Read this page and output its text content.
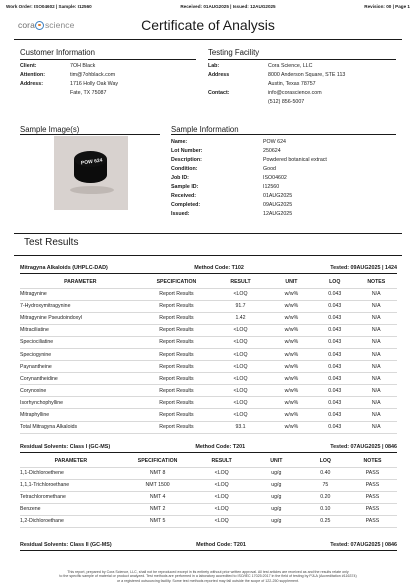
Work Order: ISO04602 | Sample: I12560	Received: 01AUG2025 | Issued: 12AUG2025	Revision: 00 | Page 1
cora science	Certificate of Analysis
Customer Information
Client:	7OH Black
Attention:	tim@7ohblack.com
Address:	1716 Holly Oak Way
Fate, TX 75087
Testing Facility
Lab:	Cora Science, LLC
Address	8000 Anderson Square, STE 113
Austin, Texas 78757
Contact:	info@corascience.com
(512) 856-5007
Sample Image(s)
POW 624
Sample Information
Name:	POW 624
Lot Number:	250624
Description:	Powdered botanical extract
Condition:	Good
Job ID:	ISO04602
Sample ID:	I12560
Received:	01AUG2025
Completed:	09AUG2025
Issued:	12AUG2025
Test Results
Mitragyna Alkaloids (UHPLC-DAD)	Method Code: T102	Tested: 09AUG2025 | 1424
PARAMETER	SPECIFICATION	RESULT	UNIT	LOQ	NOTES
Mitragynine	Report Results	<LOQ	w/w%	0.043	N/A
7-Hydroxymitragynine	Report Results	91.7	w/w%	0.043	N/A
Mitragynine Pseudoindoxyl	Report Results	1.42	w/w%	0.043	N/A
Mitraciliatine	Report Results	<LOQ	w/w%	0.043	N/A
Speciociliatine	Report Results	<LOQ	w/w%	0.043	N/A
Speciogynine	Report Results	<LOQ	w/w%	0.043	N/A
Paynantheine	Report Results	<LOQ	w/w%	0.043	N/A
Corynantheidine	Report Results	<LOQ	w/w%	0.043	N/A
Corynoxine	Report Results	<LOQ	w/w%	0.043	N/A
Isorhynchophylline	Report Results	<LOQ	w/w%	0.043	N/A
Mitraphylline	Report Results	<LOQ	w/w%	0.043	N/A
Total Mitragyna Alkaloids	Report Results	93.1	w/w%	0.043	N/A
Residual Solvents: Class I (GC-MS)	Method Code: T201	Tested: 07AUG2025 | 0846
PARAMETER	SPECIFICATION	RESULT	UNIT	LOQ	NOTES
1,1-Dichloroethene	NMT 8	<LOQ	ug/g	0.40	PASS
1,1,1-Trichloroethane	NMT 1500	<LOQ	ug/g	75	PASS
Tetrachloromethane	NMT 4	<LOQ	ug/g	0.20	PASS
Benzene	NMT 2	<LOQ	ug/g	0.10	PASS
1,2-Dichloroethane	NMT 5	<LOQ	ug/g	0.25	PASS
Residual Solvents: Class II (GC-MS)	Method Code: T201	Tested: 07AUG2025 | 0846
This report, prepared by Cora Science, LLC, shall not be reproduced except in its entirety without prior written approval. All test articles are received as and the results relate only
to the specific sample of material or product analyzed. Test methods are performed in a laboratory accredited to ISO/IEC 17025:2017 in the field of testing by PJLA (Accreditation #116374)
or a registered outsourcing facility. Some test methods reported may fall outside the scope of 122-250 supplement.
